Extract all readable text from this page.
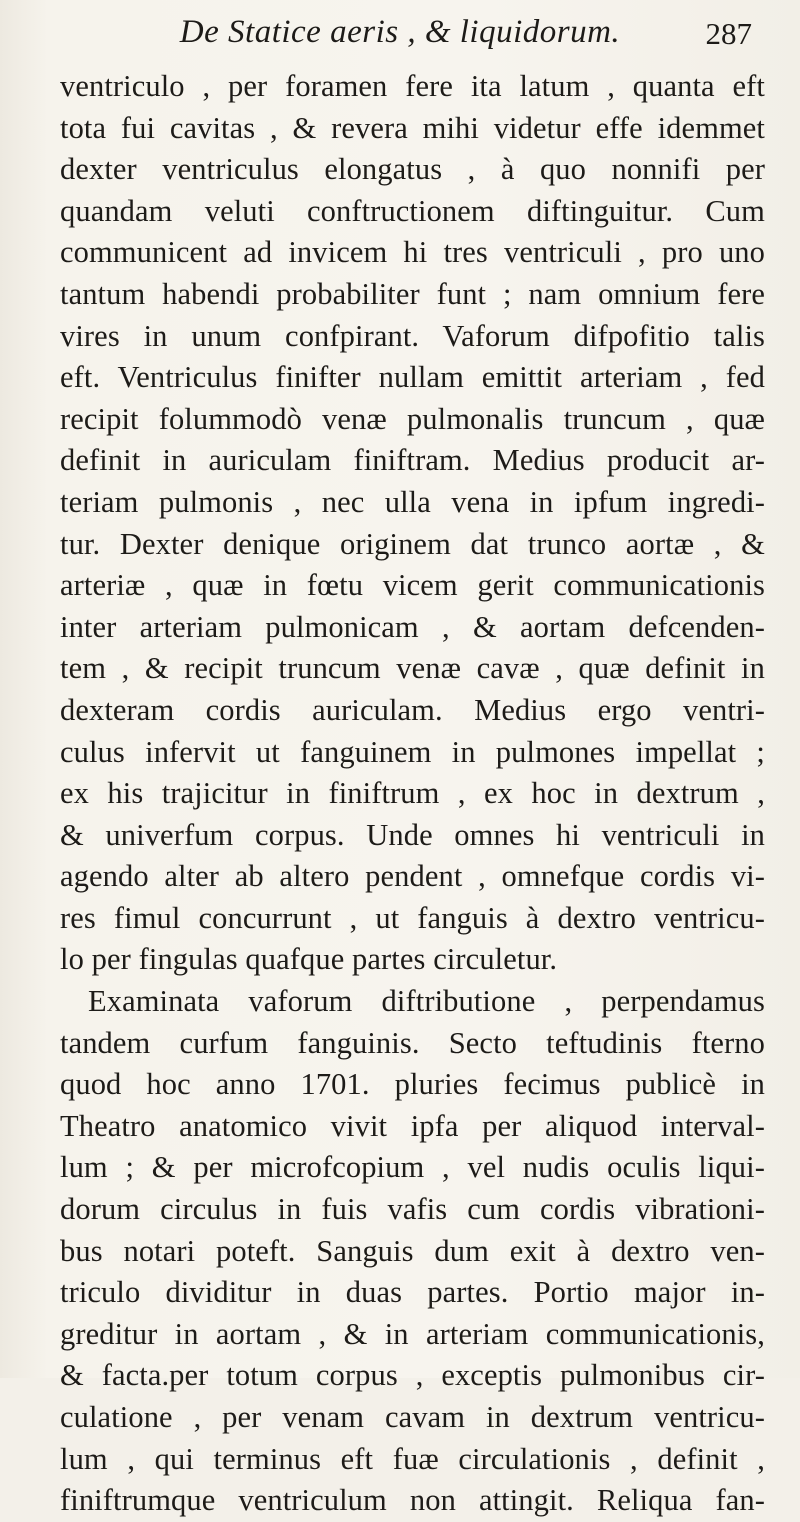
De Statice aeris , & liquidorum.	287
ventriculo , per foramen fere ita latum , quanta eft
tota fui cavitas , & revera mihi videtur effe idemmet
dexter ventriculus elongatus , à quo nonnifi per
quandam veluti conftructionem diftinguitur. Cum
communicent ad invicem hi tres ventriculi , pro uno
tantum habendi probabiliter funt ; nam omnium fere
vires in unum confpirant. Vaforum difpofitio talis
eft. Ventriculus finifter nullam emittit arteriam , fed
recipit folummodò venæ pulmonalis truncum , quæ
definit in auriculam finiftram. Medius producit ar-
teriam pulmonis , nec ulla vena in ipfum ingredi-
tur. Dexter denique originem dat trunco aortæ , &
arteriæ , quæ in fœtu vicem gerit communicationis
inter arteriam pulmonicam , & aortam defcenden-
tem , & recipit truncum venæ cavæ , quæ definit in
dexteram cordis auriculam. Medius ergo ventri-
culus infervit ut fanguinem in pulmones impellat ;
ex his trajicitur in finiftrum , ex hoc in dextrum ,
& univerfum corpus. Unde omnes hi ventriculi in
agendo alter ab altero pendent , omnefque cordis vi-
res fimul concurrunt , ut fanguis à dextro ventricu-
lo per fingulas quafque partes circuletur.
Examinata vaforum diftributione , perpendamus
tandem curfum fanguinis. Secto teftudinis fterno
quod hoc anno 1701. pluries fecimus publicè in
Theatro anatomico vivit ipfa per aliquod interval-
lum ; & per microfcopium , vel nudis oculis liqui-
dorum circulus in fuis vafis cum cordis vibrationi-
bus notari poteft. Sanguis dum exit à dextro ven-
triculo dividitur in duas partes. Portio major in-
greditur in aortam , & in arteriam communicationis,
& facta.per totum corpus , exceptis pulmonibus cir-
culatione , per venam cavam in dextrum ventricu-
lum , qui terminus eft fuæ circulationis , definit ,
finiftrumque ventriculum non attingit. Reliqua fan-
